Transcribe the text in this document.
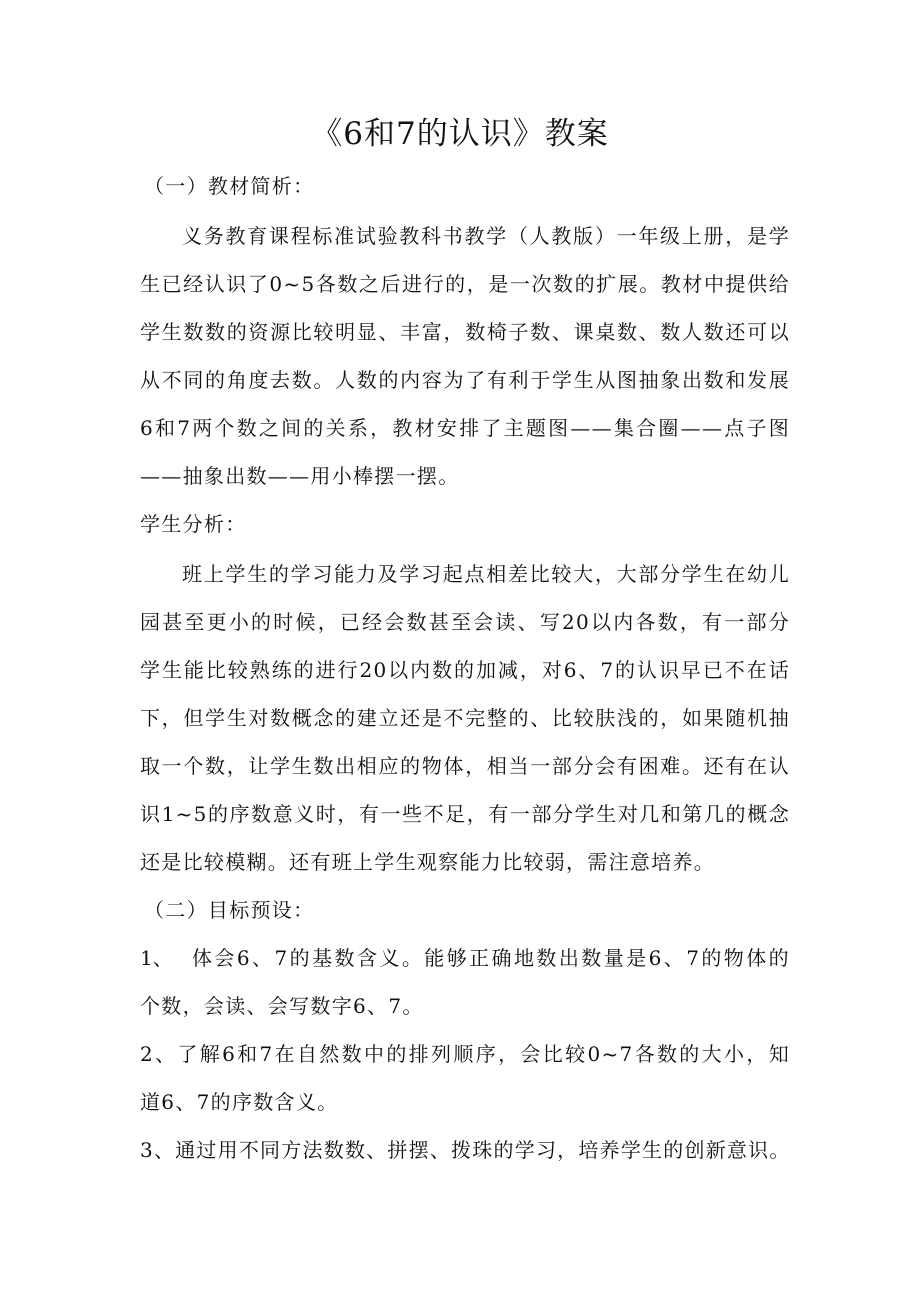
《6和7的认识》教案
（一）教材简析：
义务教育课程标准试验教科书教学（人教版）一年级上册，是学
生已经认识了0~5各数之后进行的，是一次数的扩展。教材中提供给
学生数数的资源比较明显、丰富，数椅子数、课桌数、数人数还可以
从不同的角度去数。人数的内容为了有利于学生从图抽象出数和发展
6和7两个数之间的关系，教材安排了主题图——集合圈——点子图
——抽象出数——用小棒摆一摆。
学生分析：
班上学生的学习能力及学习起点相差比较大，大部分学生在幼儿
园甚至更小的时候，已经会数甚至会读、写20以内各数，有一部分
学生能比较熟练的进行20以内数的加减，对6、7的认识早已不在话
下，但学生对数概念的建立还是不完整的、比较肤浅的，如果随机抽
取一个数，让学生数出相应的物体，相当一部分会有困难。还有在认
识1~5的序数意义时，有一些不足，有一部分学生对几和第几的概念
还是比较模糊。还有班上学生观察能力比较弱，需注意培养。
（二）目标预设：
1、 体会6、7的基数含义。能够正确地数出数量是6、7的物体的
个数，会读、会写数字6、7。
2、了解6和7在自然数中的排列顺序，会比较0~7各数的大小，知
道6、7的序数含义。
3、通过用不同方法数数、拼摆、拨珠的学习，培养学生的创新意识。
